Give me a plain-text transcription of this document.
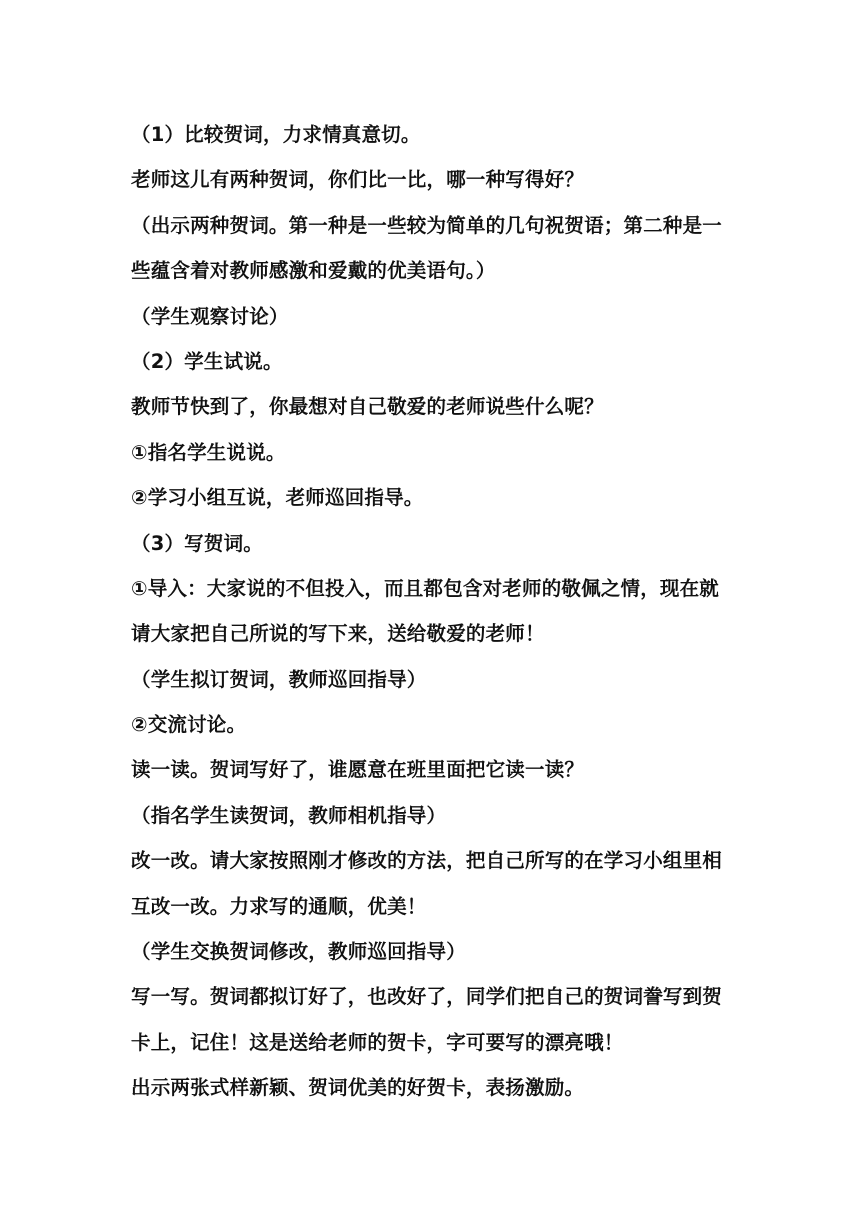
（1）比较贺词，力求情真意切。
老师这儿有两种贺词，你们比一比，哪一种写得好？
（出示两种贺词。第一种是一些较为简单的几句祝贺语；第二种是一
些蕴含着对教师感激和爱戴的优美语句。）
（学生观察讨论）
（2）学生试说。
教师节快到了，你最想对自己敬爱的老师说些什么呢？
①指名学生说说。
②学习小组互说，老师巡回指导。
（3）写贺词。
①导入：大家说的不但投入，而且都包含对老师的敬佩之情，现在就
请大家把自己所说的写下来，送给敬爱的老师！
（学生拟订贺词，教师巡回指导）
②交流讨论。
读一读。贺词写好了，谁愿意在班里面把它读一读？
（指名学生读贺词，教师相机指导）
改一改。请大家按照刚才修改的方法，把自己所写的在学习小组里相
互改一改。力求写的通顺，优美！
（学生交换贺词修改，教师巡回指导）
写一写。贺词都拟订好了，也改好了，同学们把自己的贺词誊写到贺
卡上，记住！这是送给老师的贺卡，字可要写的漂亮哦！
出示两张式样新颖、贺词优美的好贺卡，表扬激励。
